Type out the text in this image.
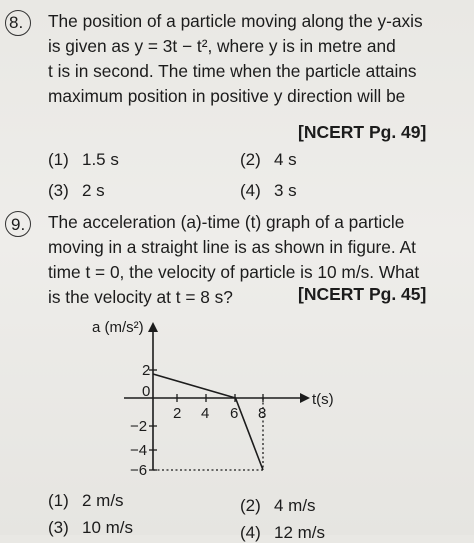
8. The position of a particle moving along the y-axis
is given as y = 3t − t², where y is in metre and
t is in second. The time when the particle attains
maximum position in positive y direction will be
[NCERT Pg. 49]
(1) 1.5 s	(2) 4 s
(3) 2 s	(4) 3 s
9. The acceleration (a)-time (t) graph of a particle
moving in a straight line is as shown in figure. At
time t = 0, the velocity of particle is 10 m/s. What
is the velocity at t = 8 s?	[NCERT Pg. 45]
a (m/s²)
t(s)
2
0
−2
−4
−6
2 4 6 8
(1) 2 m/s	(2) 4 m/s
(3) 10 m/s	(4) 12 m/s
